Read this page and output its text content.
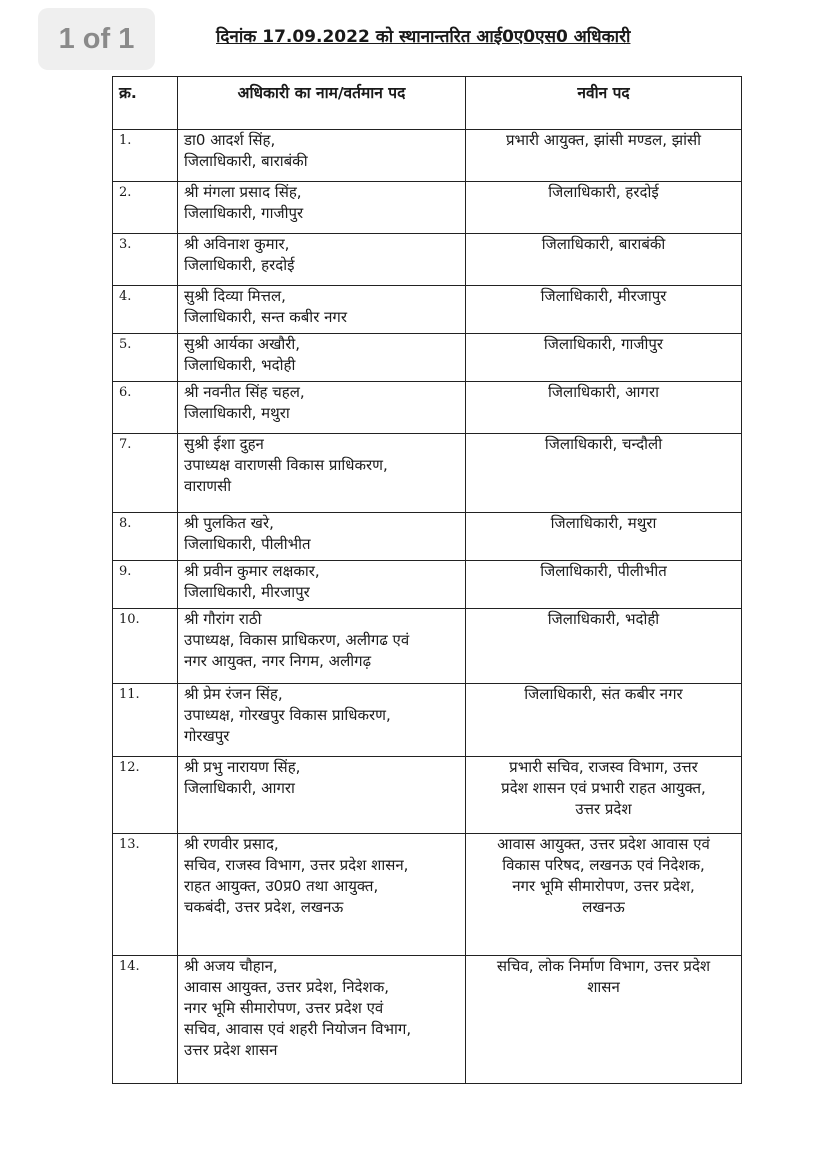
1 of 1	दिनांक 17.09.2022 को स्थानान्तरित आई0ए0एस0 अधिकारी
क्र.	अधिकारी का नाम/वर्तमान पद	नवीन पद
1.	डा0 आदर्श सिंह,
जिलाधिकारी, बाराबंकी	प्रभारी आयुक्त, झांसी मण्डल, झांसी

2.	श्री मंगला प्रसाद सिंह,
जिलाधिकारी, गाजीपुर	जिलाधिकारी, हरदोई

3.	श्री अविनाश कुमार,
जिलाधिकारी, हरदोई	जिलाधिकारी, बाराबंकी

4.	सुश्री दिव्या मित्तल,
जिलाधिकारी, सन्त कबीर नगर	जिलाधिकारी, मीरजापुर

5.	सुश्री आर्यका अखौरी,
जिलाधिकारी, भदोही	जिलाधिकारी, गाजीपुर

6.	श्री नवनीत सिंह चहल,
जिलाधिकारी, मथुरा	जिलाधिकारी, आगरा

7.	सुश्री ईशा दुहन
उपाध्यक्ष वाराणसी विकास प्राधिकरण,
वाराणसी	जिलाधिकारी, चन्दौली

8.	श्री पुलकित खरे,
जिलाधिकारी, पीलीभीत	जिलाधिकारी, मथुरा

9.	श्री प्रवीन कुमार लक्षकार,
जिलाधिकारी, मीरजापुर	जिलाधिकारी, पीलीभीत

10.	श्री गौरांग राठी
उपाध्यक्ष, विकास प्राधिकरण, अलीगढ एवं
नगर आयुक्त, नगर निगम, अलीगढ़	जिलाधिकारी, भदोही

11.	श्री प्रेम रंजन सिंह,
उपाध्यक्ष, गोरखपुर विकास प्राधिकरण,
गोरखपुर	जिलाधिकारी, संत कबीर नगर

12.	श्री प्रभु नारायण सिंह,
जिलाधिकारी, आगरा	प्रभारी सचिव, राजस्व विभाग, उत्तर
प्रदेश शासन एवं प्रभारी राहत आयुक्त,
उत्तर प्रदेश

13.	श्री रणवीर प्रसाद,
सचिव, राजस्व विभाग, उत्तर प्रदेश शासन,
राहत आयुक्त, उ0प्र0 तथा आयुक्त,
चकबंदी, उत्तर प्रदेश, लखनऊ	आवास आयुक्त, उत्तर प्रदेश आवास एवं
विकास परिषद, लखनऊ एवं निदेशक,
नगर भूमि सीमारोपण, उत्तर प्रदेश,
लखनऊ

14.	श्री अजय चौहान,
आवास आयुक्त, उत्तर प्रदेश, निदेशक,
नगर भूमि सीमारोपण, उत्तर प्रदेश एवं
सचिव, आवास एवं शहरी नियोजन विभाग,
उत्तर प्रदेश शासन	सचिव, लोक निर्माण विभाग, उत्तर प्रदेश
शासन
